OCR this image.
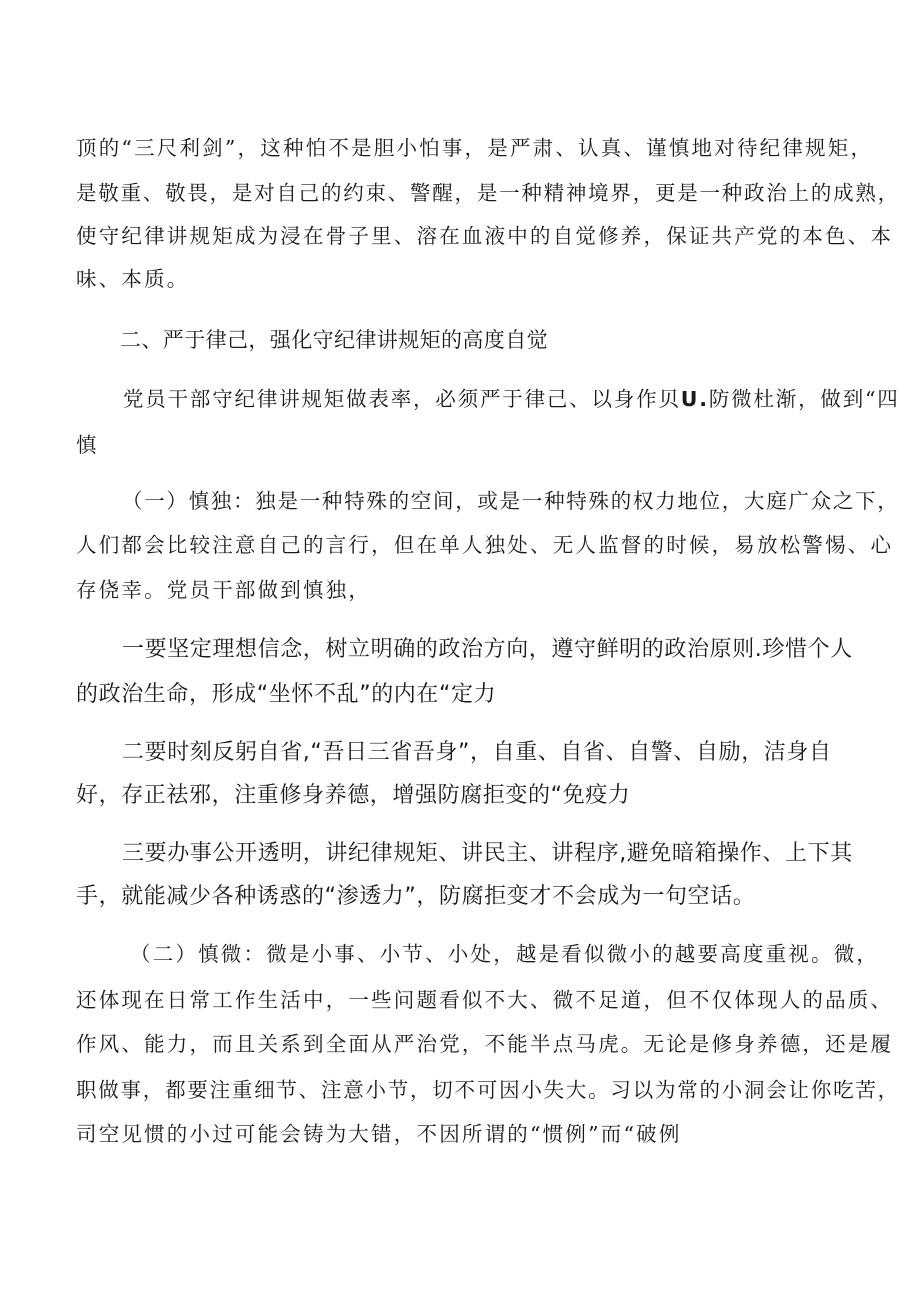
顶的“三尺利剑”，这种怕不是胆小怕事，是严肃、认真、谨慎地对待纪律规矩，
是敬重、敬畏，是对自己的约束、警醒，是一种精神境界，更是一种政治上的成熟，
使守纪律讲规矩成为浸在骨子里、溶在血液中的自觉修养，保证共产党的本色、本
味、本质。
二、严于律己，强化守纪律讲规矩的高度自觉
党员干部守纪律讲规矩做表率，必须严于律己、以身作贝U.防微杜渐，做到“四
慎
（一）慎独：独是一种特殊的空间，或是一种特殊的权力地位，大庭广众之下，
人们都会比较注意自己的言行，但在单人独处、无人监督的时候，易放松警惕、心
存侥幸。党员干部做到慎独，
一要坚定理想信念，树立明确的政治方向，遵守鲜明的政治原则.珍惜个人
的政治生命，形成“坐怀不乱”的内在“定力
二要时刻反躬自省,“吾日三省吾身”，自重、自省、自警、自励，洁身自
好，存正祛邪，注重修身养德，增强防腐拒变的“免疫力
三要办事公开透明，讲纪律规矩、讲民主、讲程序,避免暗箱操作、上下其
手，就能减少各种诱惑的“渗透力”，防腐拒变才不会成为一句空话。
（二）慎微：微是小事、小节、小处，越是看似微小的越要高度重视。微，
还体现在日常工作生活中，一些问题看似不大、微不足道，但不仅体现人的品质、
作风、能力，而且关系到全面从严治党，不能半点马虎。无论是修身养德，还是履
职做事，都要注重细节、注意小节，切不可因小失大。习以为常的小洞会让你吃苦，
司空见惯的小过可能会铸为大错，不因所谓的“惯例”而“破例
